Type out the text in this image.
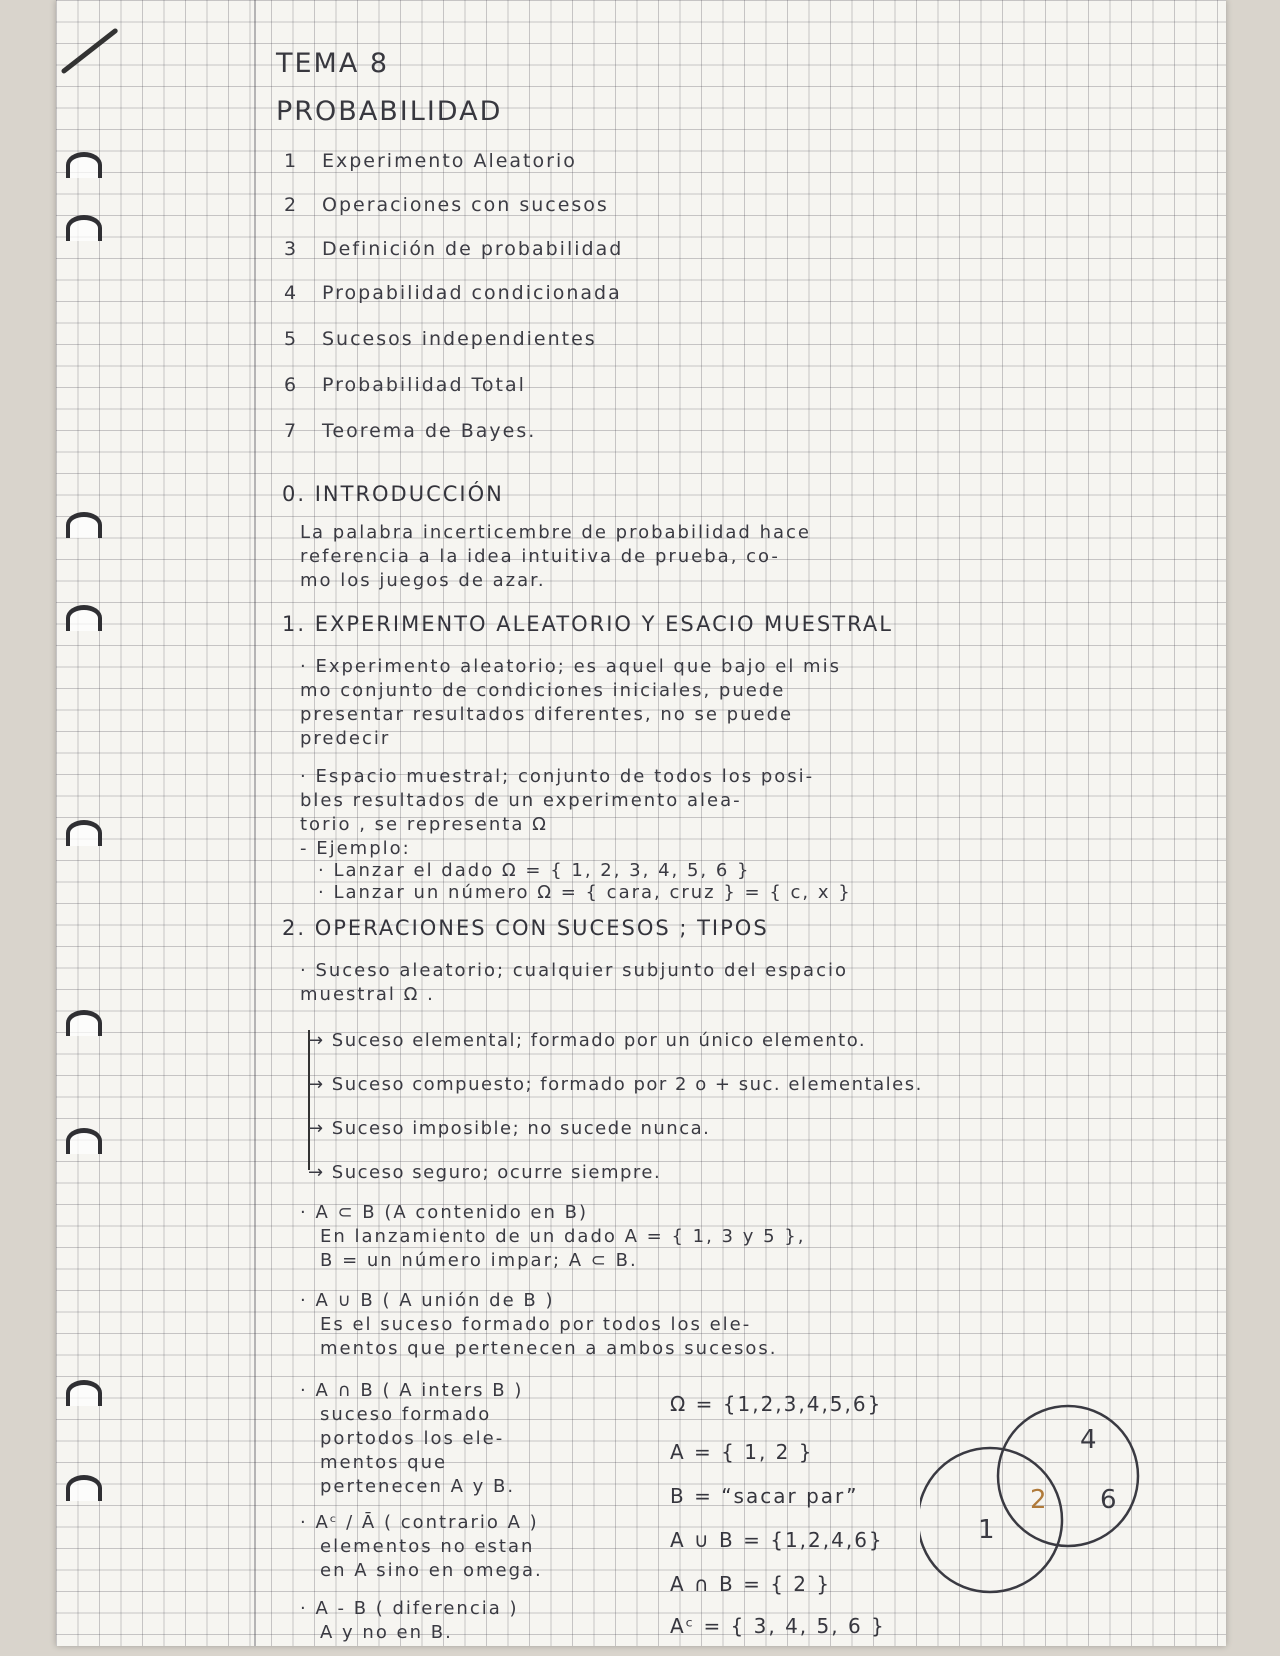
TEMA 8
PROBABILIDAD
1 Experimento Aleatorio
2 Operaciones con sucesos
3 Definición de probabilidad
4 Propabilidad condicionada
5 Sucesos independientes
6 Probabilidad Total
7 Teorema de Bayes.
0. INTRODUCCIÓN
La palabra incerticembre de probabilidad hace
referencia a la idea intuitiva de prueba, co-
mo los juegos de azar.
1. EXPERIMENTO ALEATORIO Y ESACIO MUESTRAL
· Experimento aleatorio; es aquel que bajo el mis
mo conjunto de condiciones iniciales, puede
presentar resultados diferentes, no se puede
predecir
· Espacio muestral; conjunto de todos los posi-
bles resultados de un experimento alea-
torio , se representa Ω
- Ejemplo:
· Lanzar el dado Ω = { 1, 2, 3, 4, 5, 6 }
· Lanzar un número Ω = { cara, cruz } = { c, x }
2. OPERACIONES CON SUCESOS ; TIPOS
· Suceso aleatorio; cualquier subjunto del espacio
muestral Ω .
→ Suceso elemental; formado por un único elemento.
→ Suceso compuesto; formado por 2 o + suc. elementales.
→ Suceso imposible; no sucede nunca.
→ Suceso seguro; ocurre siempre.
· A ⊂ B (A contenido en B)
En lanzamiento de un dado A = { 1, 3 y 5 },
B = un número impar; A ⊂ B.
· A ∪ B ( A unión de B )
Es el suceso formado por todos los ele-
mentos que pertenecen a ambos sucesos.
· A ∩ B ( A inters B )
suceso formado
portodos los ele-
mentos que
pertenecen A y B.
· Aᶜ / Ā ( contrario A )
elementos no estan
en A sino en omega.
· A - B ( diferencia )
A y no en B.
Ω = {1,2,3,4,5,6}
A = { 1, 2 }
B = “sacar par”
A ∪ B = {1,2,4,6}
A ∩ B = { 2 }
Aᶜ = { 3, 4, 5, 6 }
1
2
4
6
